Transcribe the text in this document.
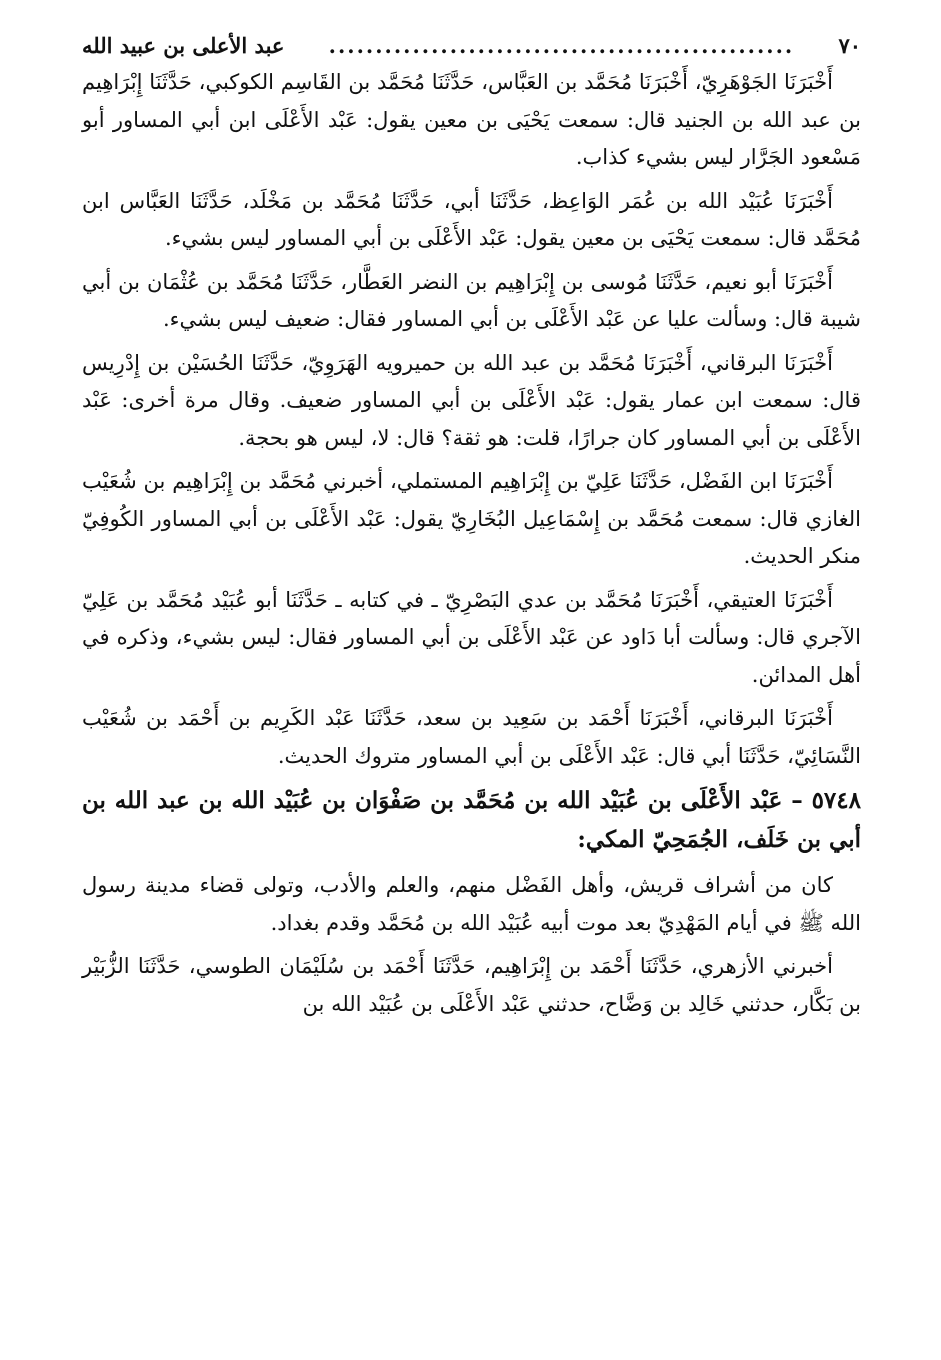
٧٠
..................................................
عبد الأعلى بن عبيد الله

أَخْبَرَنَا الجَوْهَرِيّ، أَخْبَرَنَا مُحَمَّد بن العَبَّاس، حَدَّثَنَا مُحَمَّد بن القَاسِم الكوكبي، حَدَّثَنَا إِبْرَاهِيم بن عبد الله بن الجنيد قال: سمعت يَحْيَى بن معين يقول: عَبْد الأَعْلَى ابن أبي المساور أبو مَسْعود الجَرَّار ليس بشيء كذاب.

أَخْبَرَنَا عُبَيْد الله بن عُمَر الوَاعِظ، حَدَّثَنَا أبي، حَدَّثَنَا مُحَمَّد بن مَخْلَد، حَدَّثَنَا العَبَّاس ابن مُحَمَّد قال: سمعت يَحْيَى بن معين يقول: عَبْد الأَعْلَى بن أبي المساور ليس بشيء.

أَخْبَرَنَا أبو نعيم، حَدَّثَنَا مُوسى بن إِبْرَاهِيم بن النضر العَطَّار، حَدَّثَنَا مُحَمَّد بن عُثْمَان بن أبي شيبة قال: وسألت عليا عن عَبْد الأَعْلَى بن أبي المساور فقال: ضعيف ليس بشيء.

أَخْبَرَنَا البرقاني، أَخْبَرَنَا مُحَمَّد بن عبد الله بن حميرويه الهَرَوِيّ، حَدَّثَنَا الحُسَيْن بن إِدْرِيس قال: سمعت ابن عمار يقول: عَبْد الأَعْلَى بن أبي المساور ضعيف. وقال مرة أخرى: عَبْد الأَعْلَى بن أبي المساور كان جرارًا، قلت: هو ثقة؟ قال: لا، ليس هو بحجة.

أَخْبَرَنَا ابن الفَضْل، حَدَّثَنَا عَلِيّ بن إِبْرَاهِيم المستملي، أخبرني مُحَمَّد بن إِبْرَاهِيم بن شُعَيْب الغازي قال: سمعت مُحَمَّد بن إِسْمَاعِيل البُخَارِيّ يقول: عَبْد الأَعْلَى بن أبي المساور الكُوفِيّ منكر الحديث.

أَخْبَرَنَا العتيقي، أَخْبَرَنَا مُحَمَّد بن عدي البَصْرِيّ ـ في كتابه ـ حَدَّثَنَا أبو عُبَيْد مُحَمَّد بن عَلِيّ الآجري قال: وسألت أبا دَاود عن عَبْد الأَعْلَى بن أبي المساور فقال: ليس بشيء، وذكره في أهل المدائن.

أَخْبَرَنَا البرقاني، أَخْبَرَنَا أَحْمَد بن سَعِيد بن سعد، حَدَّثَنَا عَبْد الكَرِيم بن أَحْمَد بن شُعَيْب النَّسَائِيّ، حَدَّثَنَا أبي قال: عَبْد الأَعْلَى بن أبي المساور متروك الحديث.

٥٧٤٨ – عَبْد الأَعْلَى بن عُبَيْد الله بن مُحَمَّد بن صَفْوَان بن عُبَيْد الله بن عبد الله بن أبي بن خَلَف، الجُمَحِيّ المكي:

كان من أشراف قريش، وأهل الفَضْل منهم، والعلم والأدب، وتولى قضاء مدينة رسول الله ﷺ في أيام المَهْدِيّ بعد موت أبيه عُبَيْد الله بن مُحَمَّد وقدم بغداد.

أخبرني الأزهري، حَدَّثَنَا أَحْمَد بن إِبْرَاهِيم، حَدَّثَنَا أَحْمَد بن سُلَيْمَان الطوسي، حَدَّثَنَا الزُّبَيْر بن بَكَّار، حدثني خَالِد بن وَضَّاح، حدثني عَبْد الأَعْلَى بن عُبَيْد الله بن
